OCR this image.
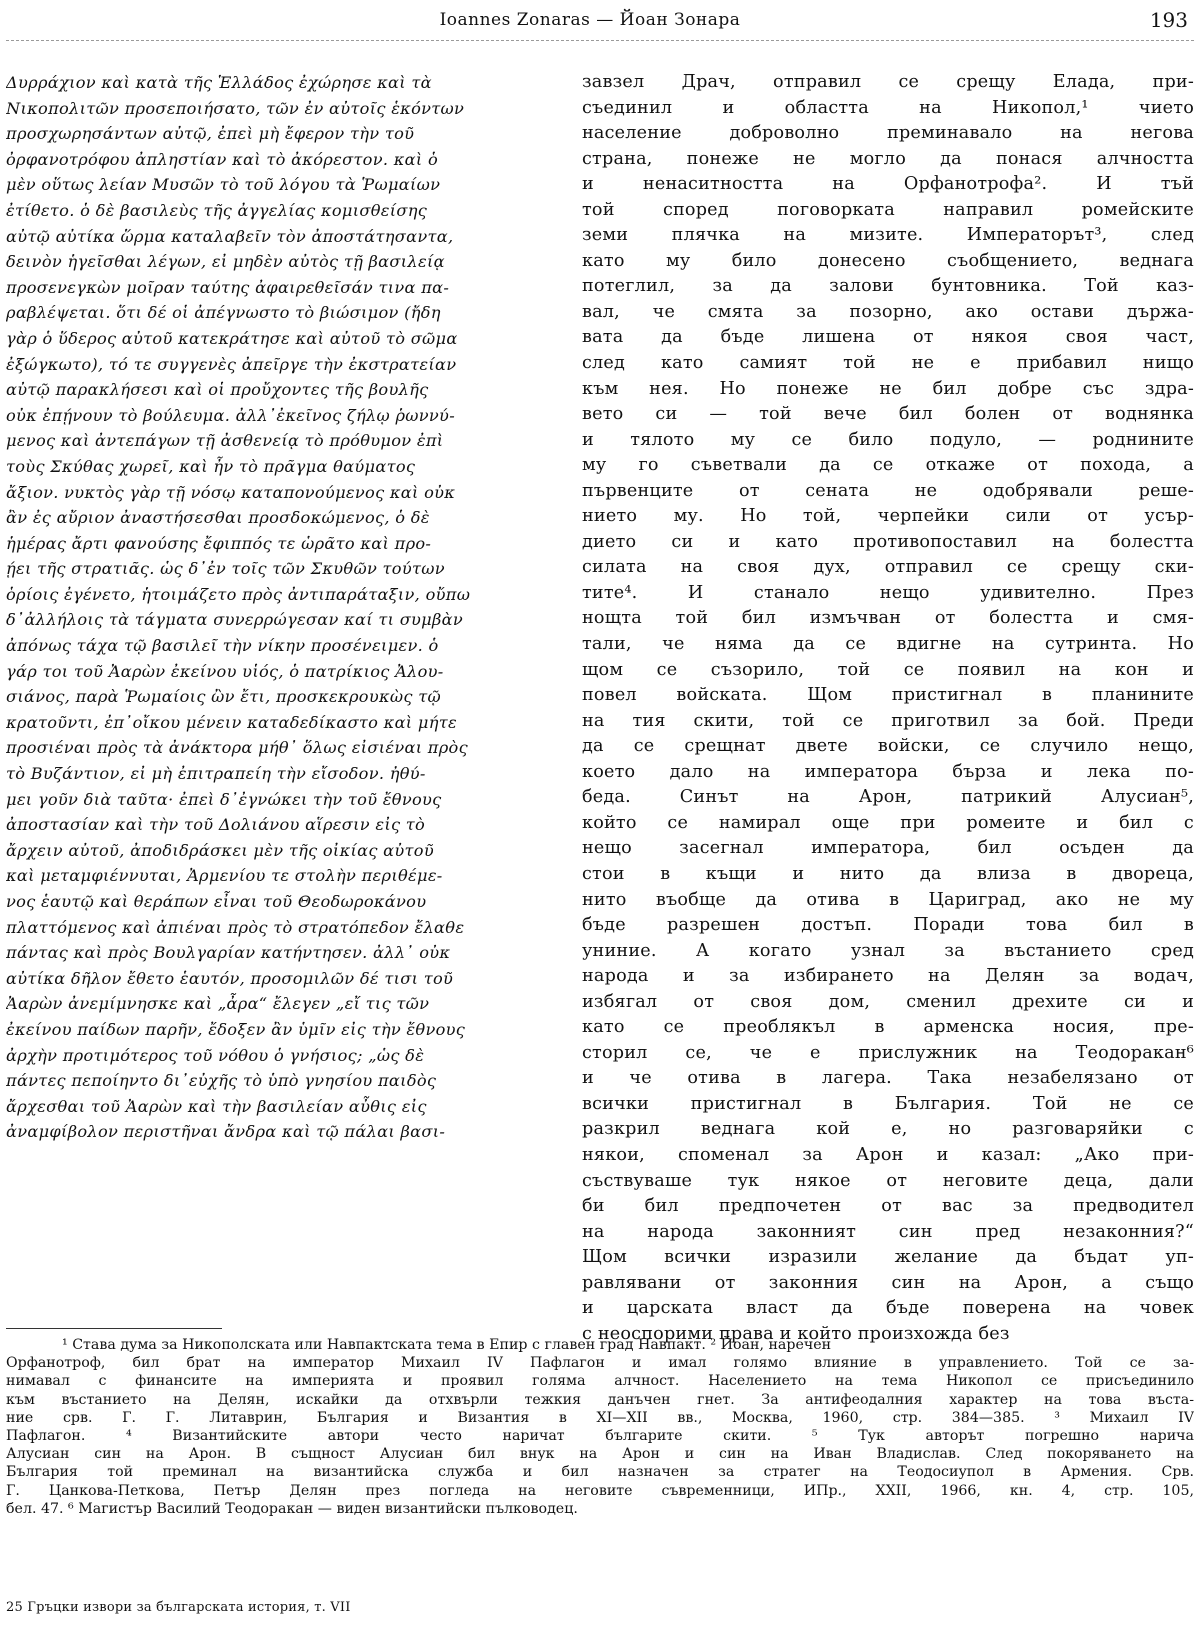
Ioannes Zonaras — Йоан Зонара	193
Δυρράχιον καὶ κατὰ τῆς Ἑλλάδος ἐχώρησε καὶ τὰ
Νικοπολιτῶν προσεποιήσατο, τῶν ἐν αὐτοῖς ἑκόντων
προσχωρησάντων αὐτῷ, ἐπεὶ μὴ ἔφερον τὴν τοῦ
ὀρφανοτρόφου ἀπληστίαν καὶ τὸ ἀκόρεστον. καὶ ὁ
μὲν οὕτως λείαν Μυσῶν τὸ τοῦ λόγου τὰ Ῥωμαίων
ἐτίθετο. ὁ δὲ βασιλεὺς τῆς ἀγγελίας κομισθείσης
αὐτῷ αὐτίκα ὥρμα καταλαβεῖν τὸν ἀποστάτησαντα,
δεινὸν ἡγεῖσθαι λέγων, εἰ μηδὲν αὐτὸς τῇ βασιλείᾳ
προσενεγκὼν μοῖραν ταύτης ἀφαιρεθεῖσάν τινα πα-
ραβλέψεται. ὅτι δέ οἱ ἀπέγνωστο τὸ βιώσιμον (ἤδη
γὰρ ὁ ὕδερος αὐτοῦ κατεκράτησε καὶ αὐτοῦ τὸ σῶμα
ἐξώγκωτο), τό τε συγγενὲς ἀπεῖργε τὴν ἐκστρατείαν
αὐτῷ παρακλήσεσι καὶ οἱ προὔχοντες τῆς βουλῆς
οὐκ ἐπῄνουν τὸ βούλευμα. ἀλλ᾽ἐκεῖνος ζήλῳ ῥωννύ-
μενος καὶ ἀντεπάγων τῇ ἀσθενείᾳ τὸ πρόθυμον ἐπὶ
τοὺς Σκύθας χωρεῖ, καὶ ἦν τὸ πρᾶγμα θαύματος
ἄξιον. νυκτὸς γὰρ τῇ νόσῳ καταπονούμενος καὶ οὐκ
ἂν ἐς αὔριον ἀναστήσεσθαι προσδοκώμενος, ὁ δὲ
ἡμέρας ἄρτι φανούσης ἔφιππός τε ὡρᾶτο καὶ προ-
ῄει τῆς στρατιᾶς. ὡς δ᾽ἐν τοῖς τῶν Σκυθῶν τούτων
ὁρίοις ἐγένετο, ἡτοιμάζετο πρὸς ἀντιπαράταξιν, οὔπω
δ᾽ἀλλήλοις τὰ τάγματα συνερρώγεσαν καί τι συμβὰν
ἀπόνως τάχα τῷ βασιλεῖ τὴν νίκην προσένειμεν. ὁ
γάρ τοι τοῦ Ἀαρὼν ἐκείνου υἱός, ὁ πατρίκιος Ἀλου-
σιάνος, παρὰ Ῥωμαίοις ὢν ἔτι, προσκεκρουκὼς τῷ
κρατοῦντι, ἐπ᾽οἴκου μένειν καταδεδίκαστο καὶ μήτε
προσιέναι πρὸς τὰ ἀνάκτορα μήθ᾽ ὅλως εἰσιέναι πρὸς
τὸ Βυζάντιον, εἰ μὴ ἐπιτραπείη τὴν εἴσοδον. ἠθύ-
μει γοῦν διὰ ταῦτα· ἐπεὶ δ᾽ἐγνώκει τὴν τοῦ ἔθνους
ἀποστασίαν καὶ τὴν τοῦ Δολιάνου αἵρεσιν εἰς τὸ
ἄρχειν αὐτοῦ, ἀποδιδράσκει μὲν τῆς οἰκίας αὐτοῦ
καὶ μεταμφιέννυται, Ἀρμενίου τε στολὴν περιθέμε-
νος ἑαυτῷ καὶ θεράπων εἶναι τοῦ Θεοδωροκάνου
πλαττόμενος καὶ ἀπιέναι πρὸς τὸ στρατόπεδον ἔλαθε
πάντας καὶ πρὸς Βουλγαρίαν κατήντησεν. ἀλλ᾽ οὐκ
αὐτίκα δῆλον ἔθετο ἑαυτόν, προσομιλῶν δέ τισι τοῦ
Ἀαρὼν ἀνεμίμνησκε καὶ „ἆρα“ ἔλεγεν „εἴ τις τῶν
ἐκείνου παίδων παρῆν, ἔδοξεν ἂν ὑμῖν εἰς τὴν ἔθνους
ἀρχὴν προτιμότερος τοῦ νόθου ὁ γνήσιος; „ὡς δὲ
πάντες πεποίηντο δι᾽εὐχῆς τὸ ὑπὸ γνησίου παιδὸς
ἄρχεσθαι τοῦ Ἀαρὼν καὶ τὴν βασιλείαν αὖθις εἰς
ἀναμφίβολον περιστῆναι ἄνδρα καὶ τῷ πάλαι βασι-
завзел Драч, отправил се срещу Елада, при-
съединил и областта на Никопол,¹ чието
население доброволно преминавало на негова
страна, понеже не могло да понася алчността
и ненаситността на Орфанотрофа². И тъй
той според поговорката направил ромейските
земи плячка на мизите. Императорът³, след
като му било донесено съобщението, веднага
потеглил, за да залови бунтовника. Той каз-
вал, че смята за позорно, ако остави държа-
вата да бъде лишена от някоя своя част,
след като самият той не е прибавил нищо
към нея. Но понеже не бил добре със здра-
вето си — той вече бил болен от воднянка
и тялото му се било подуло, — роднините
му го съветвали да се откаже от похода, а
първенците от сената не одобрявали реше-
нието му. Но той, черпейки сили от усър-
дието си и като противопоставил на болестта
силата на своя дух, отправил се срещу ски-
тите⁴. И станало нещо удивително. През
нощта той бил измъчван от болестта и смя-
тали, че няма да се вдигне на сутринта. Но
щом се съзорило, той се появил на кон и
повел войската. Щом пристигнал в планините
на тия скити, той се приготвил за бой. Преди
да се срещнат двете войски, се случило нещо,
което дало на императора бърза и лека по-
беда. Синът на Арон, патрикий Алусиан⁵,
който се намирал още при ромеите и бил с
нещо засегнал императора, бил осъден да
стои в къщи и нито да влиза в двореца,
нито въобще да отива в Цариград, ако не му
бъде разрешен достъп. Поради това бил в
униние. А когато узнал за въстанието сред
народа и за избирането на Делян за водач,
избягал от своя дом, сменил дрехите си и
като се преоблякъл в арменска носия, пре-
сторил се, че е прислужник на Теодоракан⁶
и че отива в лагера. Така незабелязано от
всички пристигнал в България. Той не се
разкрил веднага кой е, но разговаряйки с
някои, споменал за Арон и казал: „Ако при-
съствуваше тук някое от неговите деца, дали
би бил предпочетен от вас за предводител
на народа законният син пред незаконния?“
Щом всички изразили желание да бъдат уп-
равлявани от законния син на Арон, а също
и царската власт да бъде поверена на човек
с неоспорими права и който произхожда без
¹ Става дума за Никополската или Навпактската тема в Епир с главен град Навпакт. ² Йоан, наречен
Орфанотроф, бил брат на император Михаил IV Пафлагон и имал голямо влияние в управлението. Той се за-
нимавал с финансите на империята и проявил голяма алчност. Населението на тема Никопол се присъединило
към въстанието на Делян, искайки да отхвърли тежкия данъчен гнет. За антифеодалния характер на това въста-
ние срв. Г. Г. Литаврин, България и Византия в XI—XII вв., Москва, 1960, стр. 384—385. ³ Михаил IV
Пафлагон. ⁴ Византийските автори често наричат българите скити. ⁵ Тук авторът погрешно нарича
Алусиан син на Арон. В същност Алусиан бил внук на Арон и син на Иван Владислав. След покоряването на
България той преминал на византийска служба и бил назначен за стратег на Теодосиупол в Армения. Срв.
Г. Цанкова-Петкова, Петър Делян през погледа на неговите съвременници, ИПр., XXII, 1966, кн. 4, стр. 105,
бел. 47. ⁶ Магистър Василий Теодоракан — виден византийски пълководец.
25 Гръцки извори за българската история, т. VII
